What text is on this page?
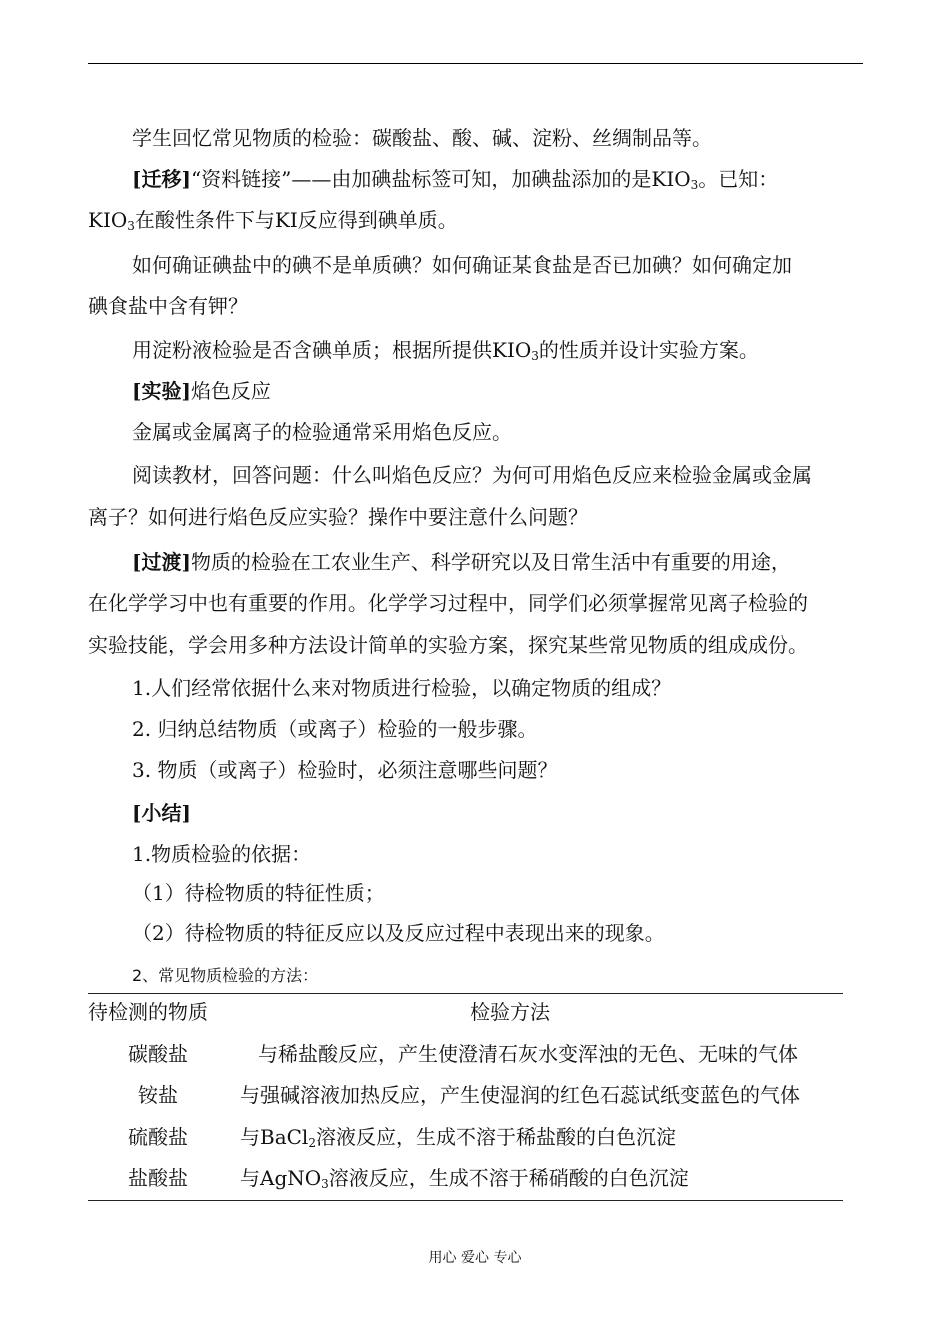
学生回忆常见物质的检验：碳酸盐、酸、碱、淀粉、丝绸制品等。
[迁移]“资料链接”——由加碘盐标签可知，加碘盐添加的是$KIO_3$。已知：
$KIO_3$在酸性条件下与KI反应得到碘单质。
如何确证碘盐中的碘不是单质碘？如何确证某食盐是否已加碘？如何确定加
碘食盐中含有钾？
用淀粉液检验是否含碘单质；根据所提供$KIO_3$的性质并设计实验方案。
[实验]焰色反应
金属或金属离子的检验通常采用焰色反应。
阅读教材，回答问题：什么叫焰色反应？为何可用焰色反应来检验金属或金属
离子？如何进行焰色反应实验？操作中要注意什么问题？
[过渡]物质的检验在工农业生产、科学研究以及日常生活中有重要的用途，
在化学学习中也有重要的作用。化学学习过程中，同学们必须掌握常见离子检验的
实验技能，学会用多种方法设计简单的实验方案，探究某些常见物质的组成成份。
1.人们经常依据什么来对物质进行检验，以确定物质的组成？
2. 归纳总结物质（或离子）检验的一般步骤。
3. 物质（或离子）检验时，必须注意哪些问题？
[小结]
1.物质检验的依据：
（1）待检物质的特征性质；
（2）待检物质的特征反应以及反应过程中表现出来的现象。
2、常见物质检验的方法：
待检测的物质	检验方法
碳酸盐	与稀盐酸反应，产生使澄清石灰水变浑浊的无色、无味的气体
铵盐	与强碱溶液加热反应，产生使湿润的红色石蕊试纸变蓝色的气体
硫酸盐	与BaCl$_2$溶液反应，生成不溶于稀盐酸的白色沉淀
盐酸盐	与AgNO$_3$溶液反应，生成不溶于稀硝酸的白色沉淀
用心 爱心 专心
